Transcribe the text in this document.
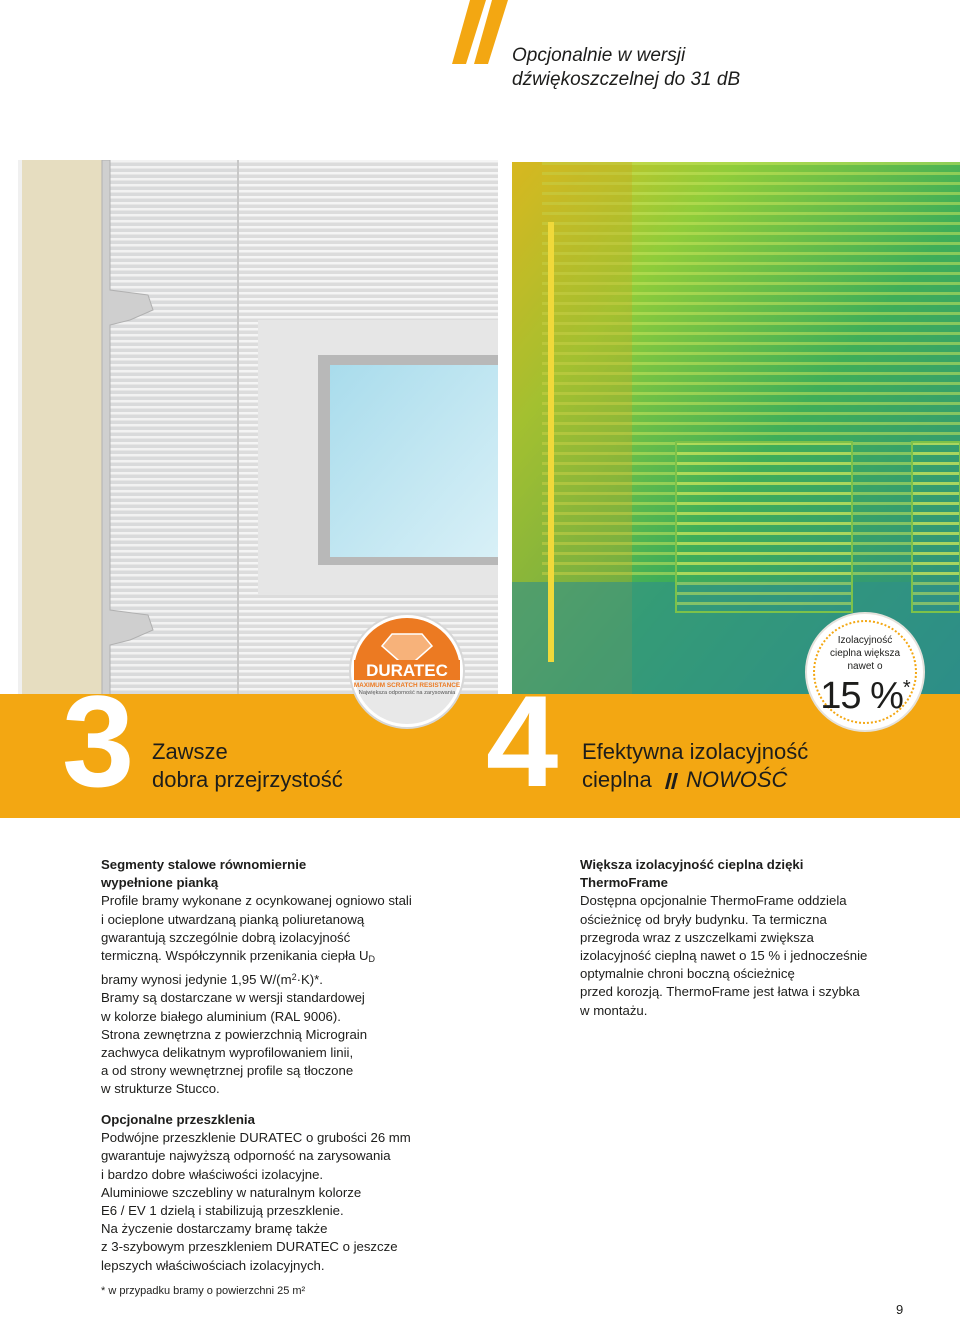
Opcjonalnie w wersji
dźwiękoszczelnej do 31 dB
3 Zawsze
dobra przejrzystość 4 Efektywna izolacyjność
cieplna NOWOŚĆ
DURATEC
MAXIMUM SCRATCH RESISTANCE
Największa odporność na zarysowania
Izolacyjność
cieplna większa
nawet o
15 %*

Segmenty stalowe równomiernie

wypełnione pianką

Profile bramy wykonane z ocynkowanej ogniowo stali

i ocieplone utwardzaną pianką poliuretanową

gwarantują szczególnie dobrą izolacyjność

termiczną. Współczynnik przenikania ciepła $U_D$

bramy wynosi jedynie 1,95 $W/(m^2\cdot K)*$.

Bramy są dostarczane w wersji standardowej

w kolorze białego aluminium (RAL 9006).

Strona zewnętrzna z powierzchnią Micrograin

zachwyca delikatnym wyprofilowaniem linii,

a od strony wewnętrznej profile są tłoczone

w strukturze Stucco.

Większa izolacyjność cieplna dzięki

ThermoFrame

Dostępna opcjonalnie ThermoFrame oddziela

ościeżnicę od bryły budynku. Ta termiczna

przegroda wraz z uszczelkami zwiększa

izolacyjność cieplną nawet o 15 % i jednocześnie

optymalnie chroni boczną ościeżnicę

przed korozją. ThermoFrame jest łatwa i szybka

w montażu.

Opcjonalne przeszklenia

Podwójne przeszklenie DURATEC o grubości 26 mm

gwarantuje najwyższą odporność na zarysowania

i bardzo dobre właściwości izolacyjne.

Aluminiowe szczebliny w naturalnym kolorze

E6 / EV 1 dzielą i stabilizują przeszklenie.

Na życzenie dostarczamy bramę także

z 3-szybowym przeszkleniem DURATEC o jeszcze

lepszych właściwościach izolacyjnych.

* w przypadku bramy o powierzchni 25 m²
9
